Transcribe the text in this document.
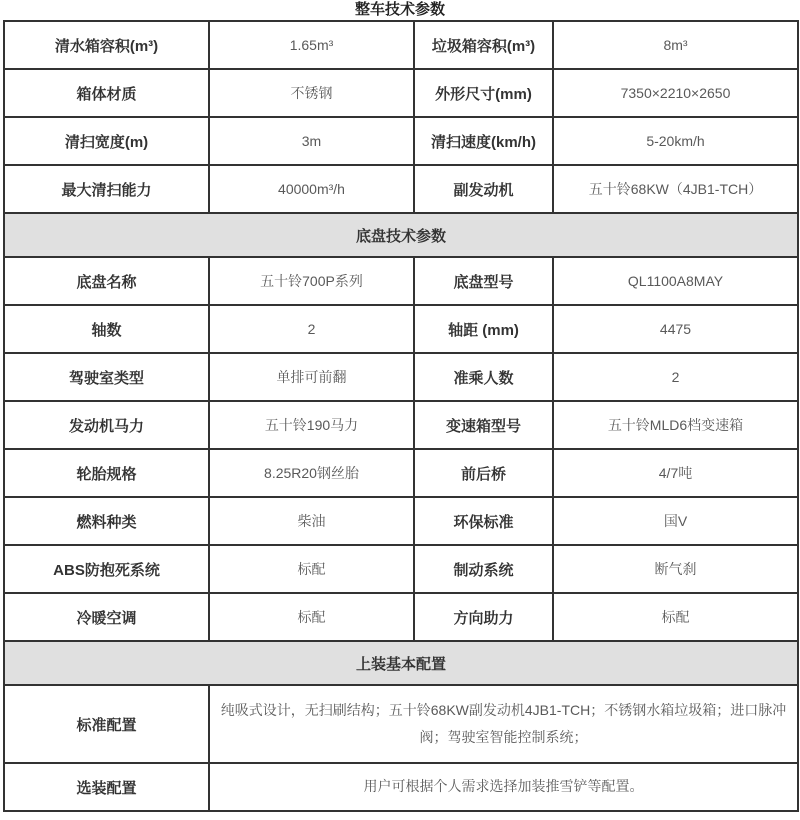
整车技术参数
清水箱容积(m³)	1.65m³	垃圾箱容积(m³)	8m³
箱体材质	不锈钢	外形尺寸(mm)	7350×2210×2650
清扫宽度(m)	3m	清扫速度(km/h)	5-20km/h
最大清扫能力	40000m³/h	副发动机	五十铃68KW（4JB1-TCH）
底盘技术参数			
底盘名称	五十铃700P系列	底盘型号	QL1100A8MAY
轴数	2	轴距 (mm)	4475
驾驶室类型	单排可前翻	准乘人数	2
发动机马力	五十铃190马力	变速箱型号	五十铃MLD6档变速箱
轮胎规格	8.25R20钢丝胎	前后桥	4/7吨
燃料种类	柴油	环保标准	国V
ABS防抱死系统	标配	制动系统	断气刹
冷暖空调	标配	方向助力	标配
上装基本配置			
标准配置	纯吸式设计，无扫刷结构；五十铃68KW副发动机4JB1-TCH；不锈钢水箱垃圾箱；进口脉冲阀；驾驶室智能控制系统；		
选装配置	用户可根据个人需求选择加装推雪铲等配置。		
